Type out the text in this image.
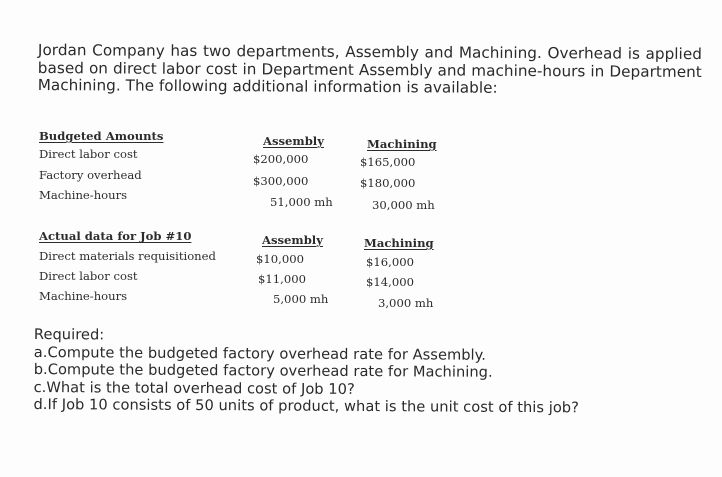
Jordan Company has two departments, Assembly and Machining. Overhead is applied based on direct labor cost in Department Assembly and machine-hours in Department Machining. The following additional information is available:
Budgeted Amounts	Assembly	Machining
Direct labor cost	$200,000	$165,000
Factory overhead	$300,000	$180,000
Machine-hours	51,000 mh	30,000 mh
Actual data for Job #10	Assembly	Machining
Direct materials requisitioned	$10,000	$16,000
Direct labor cost	$11,000	$14,000
Machine-hours	5,000 mh	3,000 mh
Required:
a.Compute the budgeted factory overhead rate for Assembly.
b.Compute the budgeted factory overhead rate for Machining.
c.What is the total overhead cost of Job 10?
d.If Job 10 consists of 50 units of product, what is the unit cost of this job?
